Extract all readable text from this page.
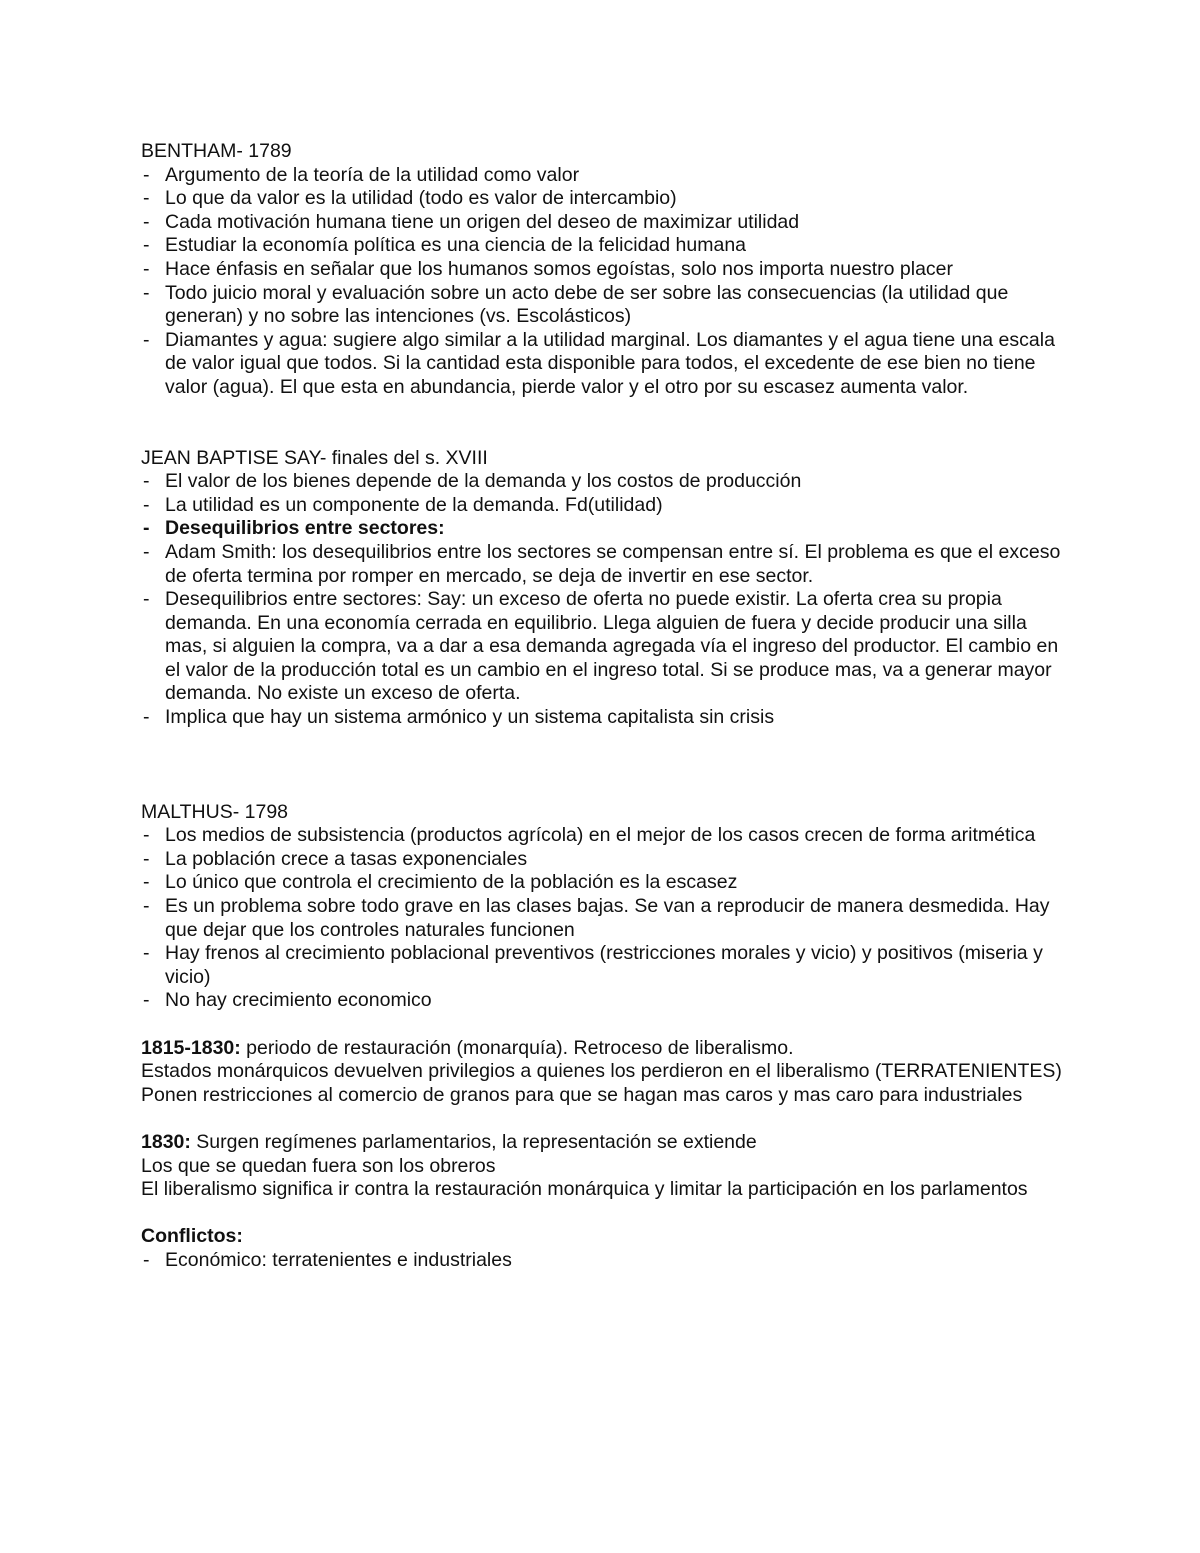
BENTHAM- 1789

- Argumento de la teoría de la utilidad como valor
- Lo que da valor es la utilidad (todo es valor de intercambio)
- Cada motivación humana tiene un origen del deseo de maximizar utilidad
- Estudiar la economía política es una ciencia de la felicidad humana
- Hace énfasis en señalar que los humanos somos egoístas, solo nos importa nuestro placer
- Todo juicio moral y evaluación sobre un acto debe de ser sobre las consecuencias (la utilidad que generan) y no sobre las intenciones (vs. Escolásticos)
- Diamantes y agua: sugiere algo similar a la utilidad marginal. Los diamantes y el agua tiene una escala de valor igual que todos. Si la cantidad esta disponible para todos, el excedente de ese bien no tiene valor (agua). El que esta en abundancia, pierde valor y el otro por su escasez aumenta valor.

JEAN BAPTISE SAY- finales del s. XVIII

- El valor de los bienes depende de la demanda y los costos de producción
- La utilidad es un componente de la demanda. Fd(utilidad)
- Desequilibrios entre sectores:
- Adam Smith: los desequilibrios entre los sectores se compensan entre sí. El problema es que el exceso de oferta termina por romper en mercado, se deja de invertir en ese sector.
- Desequilibrios entre sectores: Say: un exceso de oferta no puede existir. La oferta crea su propia demanda. En una economía cerrada en equilibrio. Llega alguien de fuera y decide producir una silla mas, si alguien la compra, va a dar a esa demanda agregada vía el ingreso del productor. El cambio en el valor de la producción total es un cambio en el ingreso total. Si se produce mas, va a generar mayor demanda. No existe un exceso de oferta.
- Implica que hay un sistema armónico y un sistema capitalista sin crisis

MALTHUS- 1798

- Los medios de subsistencia (productos agrícola) en el mejor de los casos crecen de forma aritmética
- La población crece a tasas exponenciales
- Lo único que controla el crecimiento de la población es la escasez
- Es un problema sobre todo grave en las clases bajas. Se van a reproducir de manera desmedida. Hay que dejar que los controles naturales funcionen
- Hay frenos al crecimiento poblacional preventivos (restricciones morales y vicio) y positivos (miseria y vicio)
- No hay crecimiento economico

1815-1830: periodo de restauración (monarquía). Retroceso de liberalismo.

Estados monárquicos devuelven privilegios a quienes los perdieron en el liberalismo (TERRATENIENTES)

Ponen restricciones al comercio de granos para que se hagan mas caros y mas caro para industriales

1830: Surgen regímenes parlamentarios, la representación se extiende

Los que se quedan fuera son los obreros

El liberalismo significa ir contra la restauración monárquica y limitar la participación en los parlamentos

Conflictos:

- Económico: terratenientes e industriales
